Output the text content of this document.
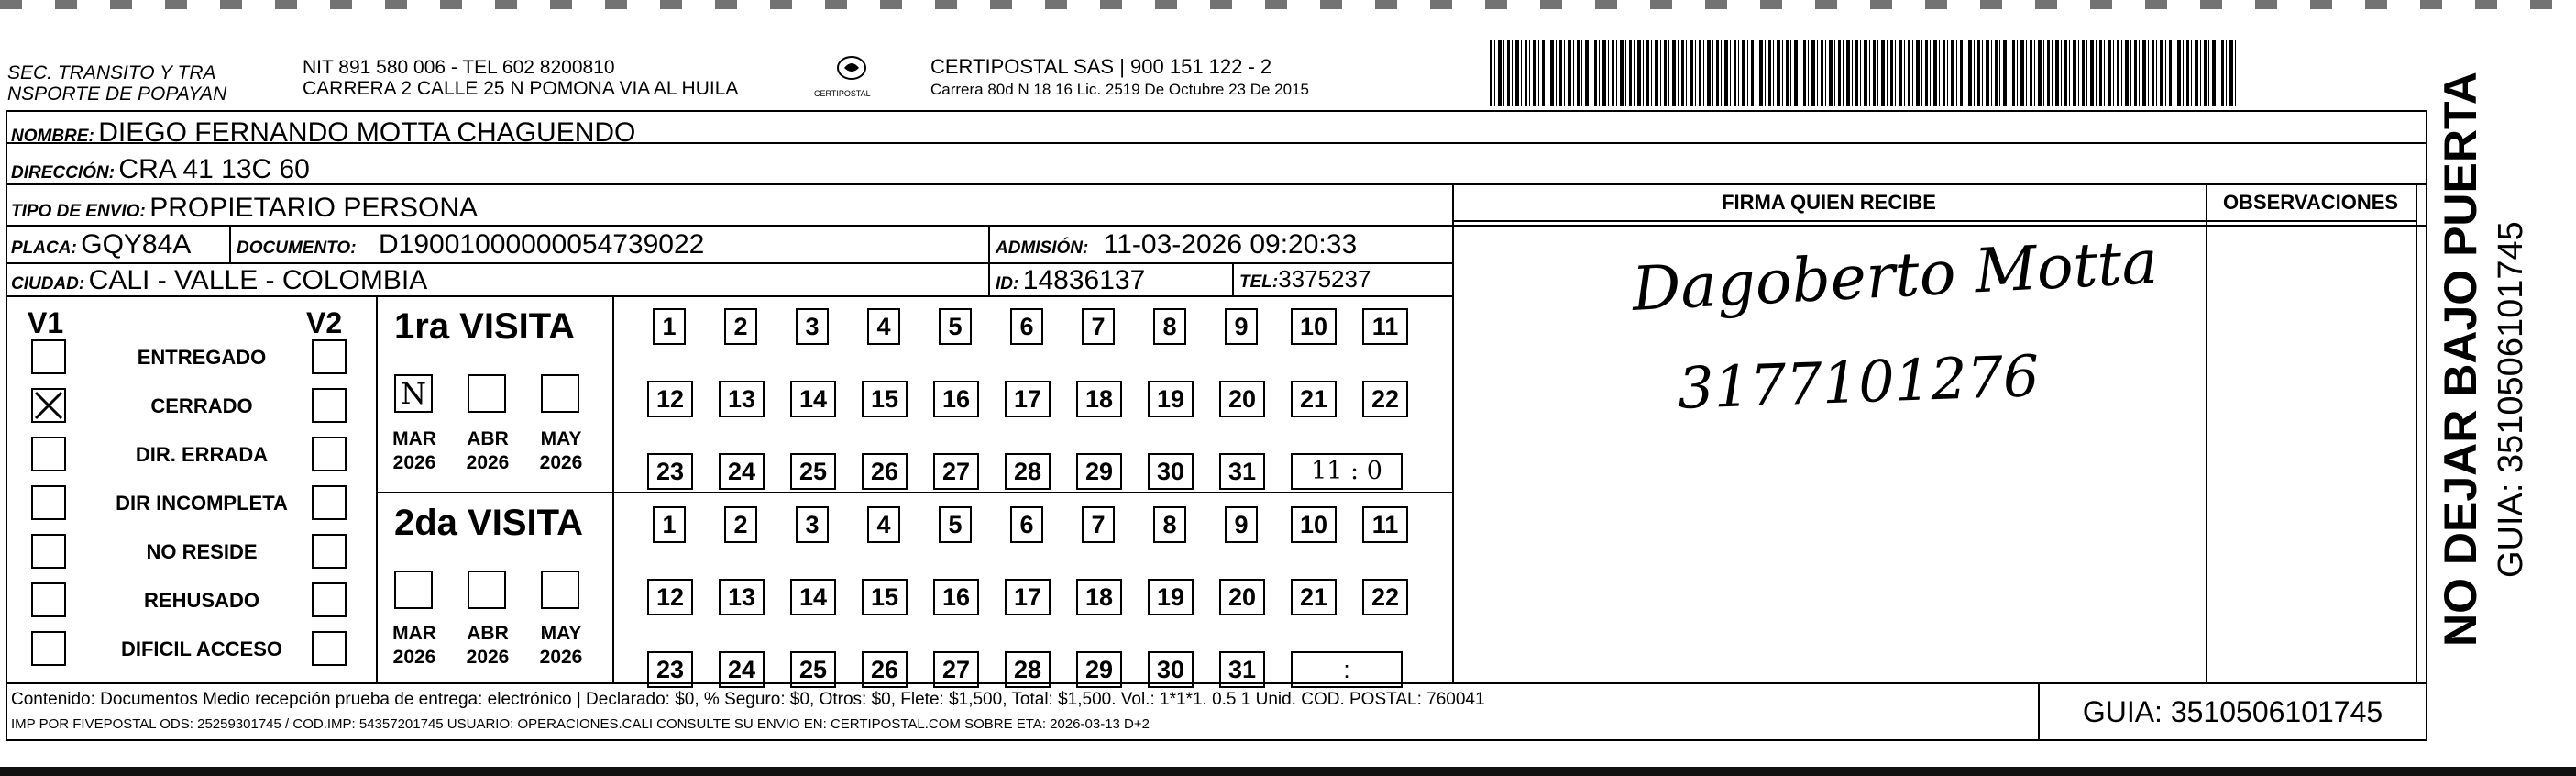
SEC. TRANSITO Y TRA
NSPORTE DE POPAYAN
NIT 891 580 006 - TEL 602 8200810
CARRERA 2 CALLE 25 N POMONA VIA AL HUILA	CERTIPOSTAL
CERTIPOSTAL SAS | 900 151 122 - 2
Carrera 80d N 18 16 Lic. 2519 De Octubre 23 De 2015
NOMBRE: DIEGO FERNANDO MOTTA CHAGUENDO
DIRECCIÓN: CRA 41 13C 60
TIPO DE ENVIO: PROPIETARIO PERSONA
PLACA: GQY84A	DOCUMENTO: D19001000000054739022	ADMISIÓN: 11-03-2026 09:20:33
CIUDAD: CALI - VALLE - COLOMBIA	ID: 14836137	TEL:3375237
FIRMA QUIEN RECIBE	OBSERVACIONES
Dagoberto Motta
3177101276
V1	V2
ENTREGADO
CERRADO
DIR. ERRADA
DIR INCOMPLETA
NO RESIDE
REHUSADO
DIFICIL ACCESO
1ra VISITA
2da VISITA
1	2	3	4	5	6	7	8	9	10	11
12	13	14	15	16	17	18	19	20	21	22
23	24	25	26	27	28	29	30	31	11 : 0
1	2	3	4	5	6	7	8	9	10	11
12	13	14	15	16	17	18	19	20	21	22
23	24	25	26	27	28	29	30	31	:
N
MAR
2026
ABR
2026
MAY
2026
MAR
2026
ABR
2026
MAY
2026
Contenido: Documentos Medio recepción prueba de entrega: electrónico | Declarado: $0, % Seguro: $0, Otros: $0, Flete: $1,500, Total: $1,500. Vol.: 1*1*1. 0.5 1 Unid. COD. POSTAL: 760041
IMP POR FIVEPOSTAL ODS: 25259301745 / COD.IMP: 54357201745 USUARIO: OPERACIONES.CALI CONSULTE SU ENVIO EN: CERTIPOSTAL.COM SOBRE ETA: 2026-03-13 D+2	GUIA: 3510506101745
NO DEJAR BAJO PUERTA GUIA: 3510506101745
